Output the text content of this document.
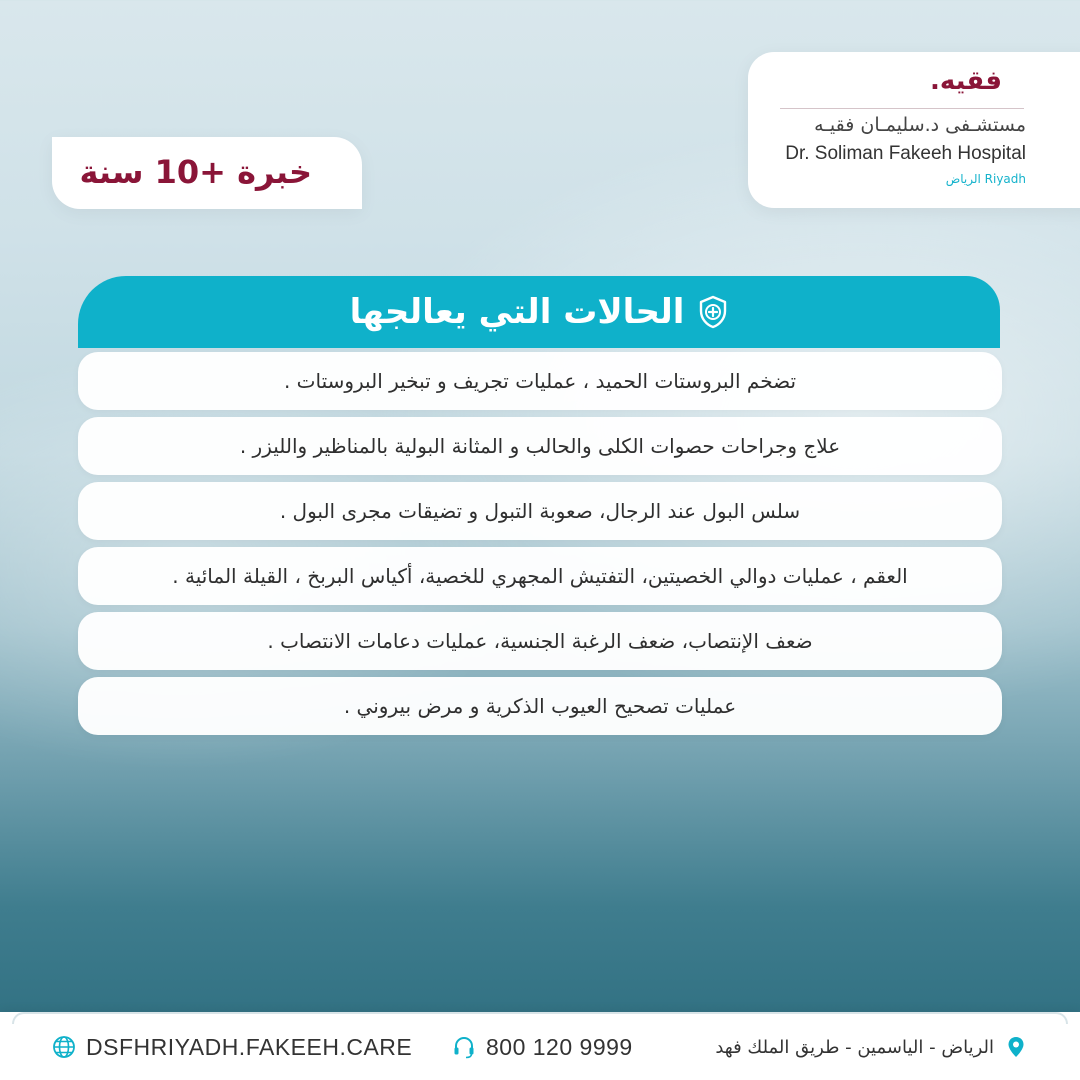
فقيه.
مستشـفى د.سليمـان فقيـه
Dr. Soliman Fakeeh Hospital
الرياض Riyadh
خبرة +10 سنة
الحالات التي يعالجها
تضخم البروستات الحميد ، عمليات تجريف و تبخير البروستات .
علاج وجراحات حصوات الكلى والحالب و المثانة البولية بالمناظير والليزر .
سلس البول عند الرجال، صعوبة التبول و تضيقات مجرى البول .
العقم ، عمليات دوالي الخصيتين، التفتيش المجهري للخصية، أكياس البربخ ، القيلة المائية .
ضعف الإنتصاب، ضعف الرغبة الجنسية، عمليات دعامات الانتصاب .
عمليات تصحيح العيوب الذكرية و مرض بيروني .
DSFHRIYADH.FAKEEH.CARE	800 120 9999	الرياض - الياسمين - طريق الملك فهد
